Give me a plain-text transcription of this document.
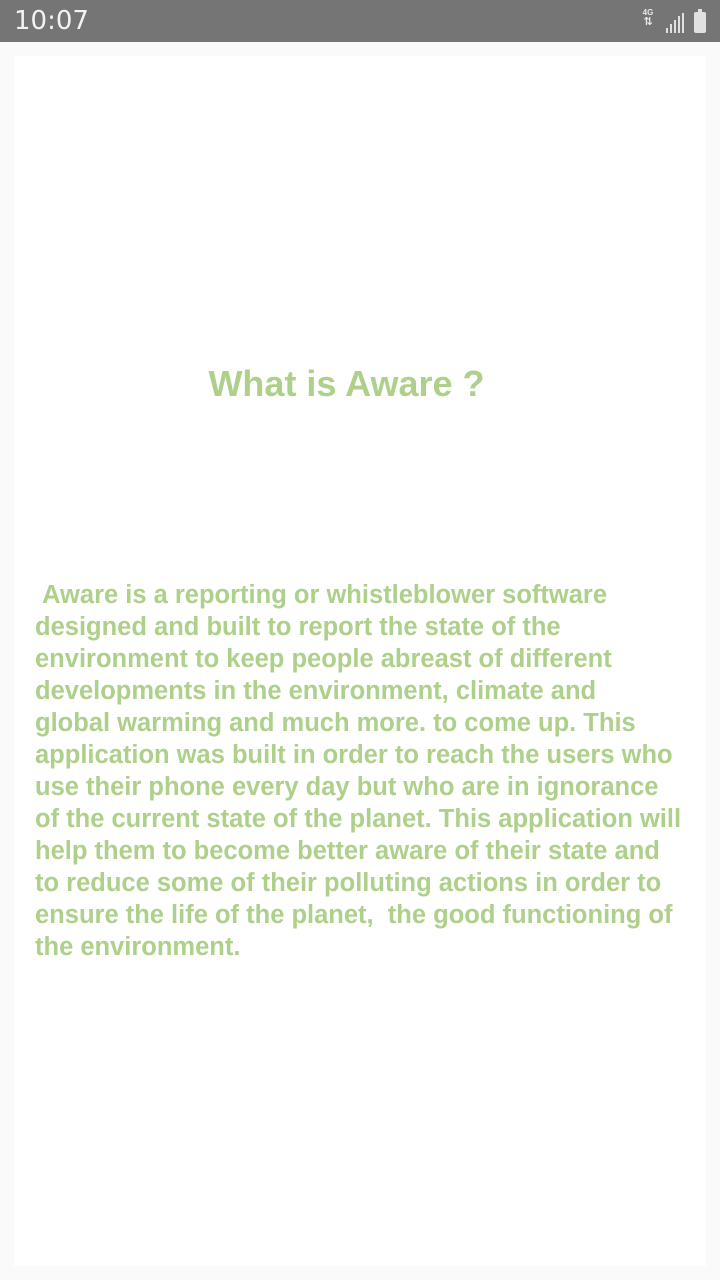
10:07	4G
⇅
What is Aware ?

Aware is a reporting or whistleblower software
designed and built to report the state of the
environment to keep people abreast of different
developments in the environment, climate and
global warming and much more. to come up. This
application was built in order to reach the users who
use their phone every day but who are in ignorance
of the current state of the planet. This application will
help them to become better aware of their state and
to reduce some of their polluting actions in order to
ensure the life of the planet,  the good functioning of
the environment.
